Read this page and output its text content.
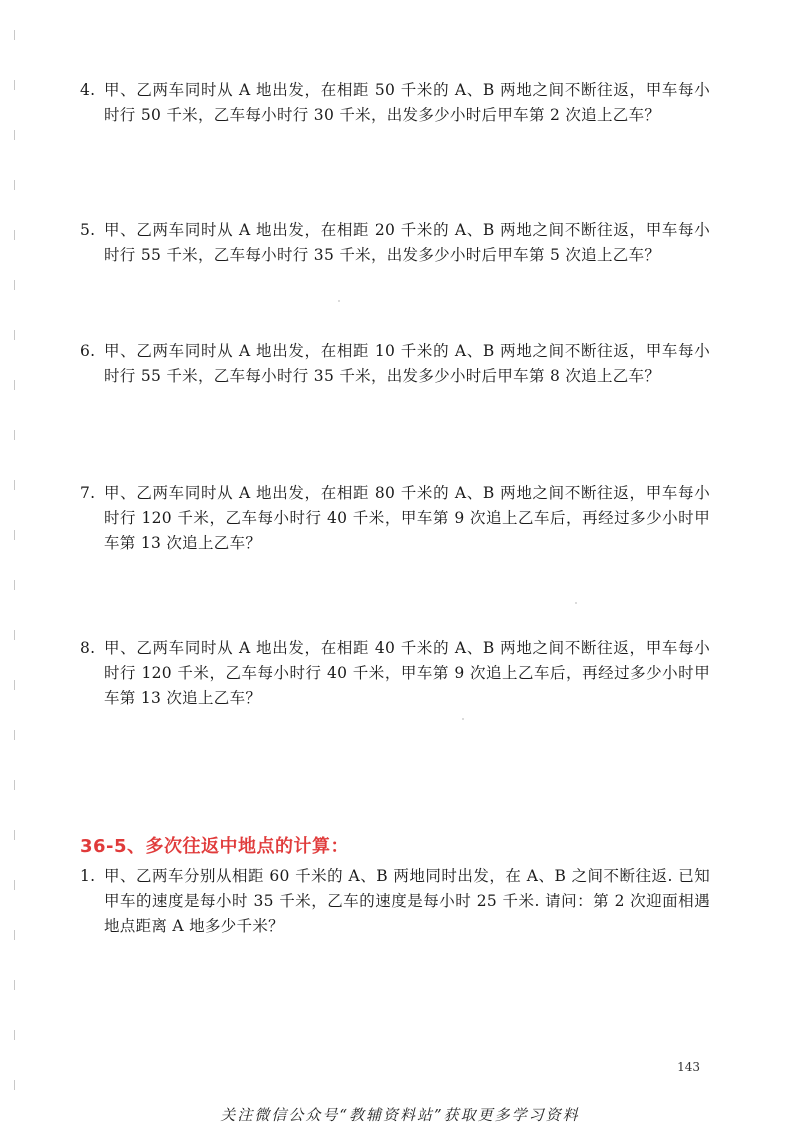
4. 甲、乙两车同时从 A 地出发，在相距 50 千米的 A、B 两地之间不断往返，甲车每小时行 50 千米，乙车每小时行 30 千米，出发多少小时后甲车第 2 次追上乙车？
5. 甲、乙两车同时从 A 地出发，在相距 20 千米的 A、B 两地之间不断往返，甲车每小时行 55 千米，乙车每小时行 35 千米，出发多少小时后甲车第 5 次追上乙车？
6. 甲、乙两车同时从 A 地出发，在相距 10 千米的 A、B 两地之间不断往返，甲车每小时行 55 千米，乙车每小时行 35 千米，出发多少小时后甲车第 8 次追上乙车？
7. 甲、乙两车同时从 A 地出发，在相距 80 千米的 A、B 两地之间不断往返，甲车每小时行 120 千米，乙车每小时行 40 千米，甲车第 9 次追上乙车后，再经过多少小时甲车第 13 次追上乙车？
8. 甲、乙两车同时从 A 地出发，在相距 40 千米的 A、B 两地之间不断往返，甲车每小时行 120 千米，乙车每小时行 40 千米，甲车第 9 次追上乙车后，再经过多少小时甲车第 13 次追上乙车？
36-5、多次往返中地点的计算：
1. 甲、乙两车分别从相距 60 千米的 A、B 两地同时出发，在 A、B 之间不断往返. 已知甲车的速度是每小时 35 千米，乙车的速度是每小时 25 千米. 请问：第 2 次迎面相遇地点距离 A 地多少千米？
143
关注微信公众号“教辅资料站”获取更多学习资料
